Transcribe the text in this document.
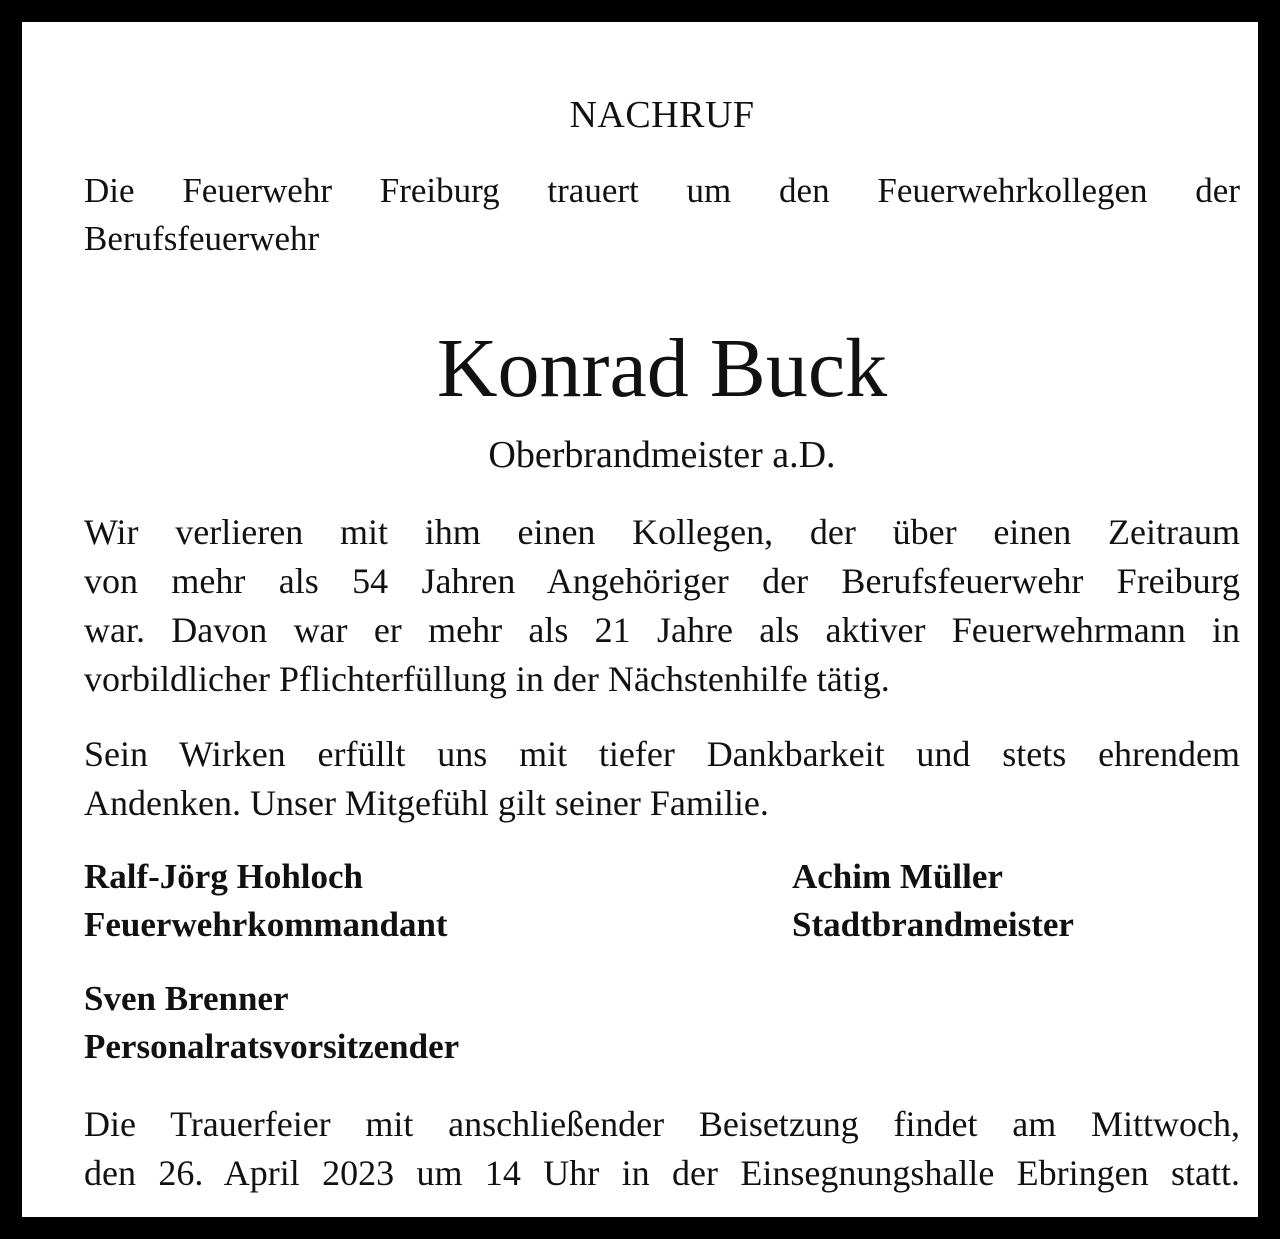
NACHRUF
Die Feuerwehr Freiburg trauert um den Feuerwehrkollegen der
Berufsfeuerwehr
Konrad Buck
Oberbrandmeister a.D.
Wir verlieren mit ihm einen Kollegen, der über einen Zeitraum
von mehr als 54 Jahren Angehöriger der Berufsfeuerwehr Freiburg
war. Davon war er mehr als 21 Jahre als aktiver Feuerwehrmann in
vorbildlicher Pflichterfüllung in der Nächstenhilfe tätig.
Sein Wirken erfüllt uns mit tiefer Dankbarkeit und stets ehrendem
Andenken. Unser Mitgefühl gilt seiner Familie.
Ralf-Jörg Hohloch
Feuerwehrkommandant
Achim Müller
Stadtbrandmeister
Sven Brenner
Personalratsvorsitzender
Die Trauerfeier mit anschließender Beisetzung findet am Mittwoch,
den 26. April 2023 um 14 Uhr in der Einsegnungshalle Ebringen statt.
